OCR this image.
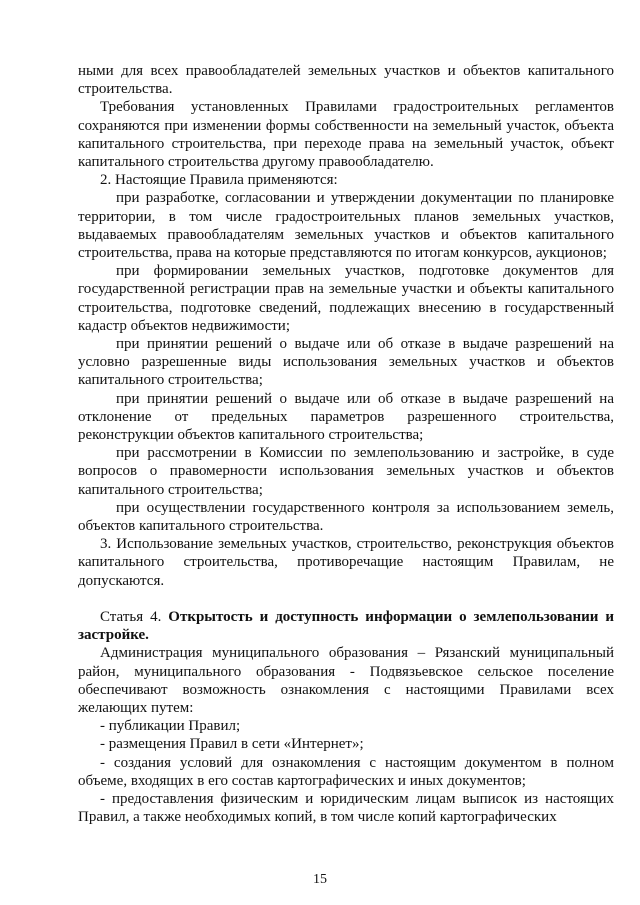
ными для всех правообладателей земельных участков и объектов капитального строительства.

Требования установленных Правилами градостроительных регламентов сохраняются при изменении формы собственности на земельный участок, объекта капитального строительства, при переходе права на земельный участок, объект капитального строительства другому правообладателю.

2. Настоящие Правила применяются:

при разработке, согласовании и утверждении документации по планировке территории, в том числе градостроительных планов земельных участков, выдаваемых правообладателям земельных участков и объектов капитального строительства, права на которые представляются по итогам конкурсов, аукционов;

при формировании земельных участков, подготовке документов для государственной регистрации прав на земельные участки и объекты капитального строительства, подготовке сведений, подлежащих внесению в государственный кадастр объектов недвижимости;

при принятии решений о выдаче или об отказе в выдаче разрешений на условно разрешенные виды использования земельных участков и объектов капитального строительства;

при принятии решений о выдаче или об отказе в выдаче разрешений на отклонение от предельных параметров разрешенного строительства, реконструкции объектов капитального строительства;

при рассмотрении в Комиссии по землепользованию и застройке, в суде вопросов о правомерности использования земельных участков и объектов капитального строительства;

при осуществлении государственного контроля за использованием земель, объектов капитального строительства.

3. Использование земельных участков, строительство, реконструкция объектов капитального строительства, противоречащие настоящим Правилам, не допускаются.

Статья 4. Открытость и доступность информации о землепользовании и застройке.

Администрация муниципального образования – Рязанский муниципальный район, муниципального образования - Подвязьевское сельское поселение обеспечивают возможность ознакомления с настоящими Правилами всех желающих путем:

- публикации Правил;

- размещения Правил в сети «Интернет»;

- создания условий для ознакомления с настоящим документом в полном объеме, входящих в его состав картографических и иных документов;

- предоставления физическим и юридическим лицам выписок из настоящих Правил, а также необходимых копий, в том числе копий картографических

15
